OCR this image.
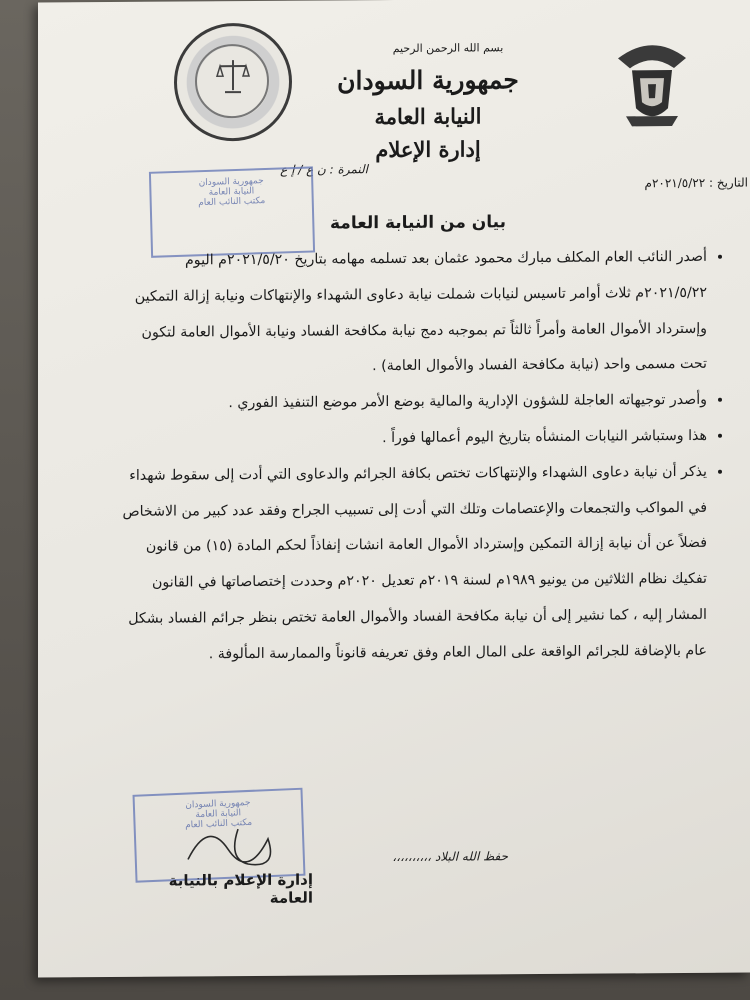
بسم الله الرحمن الرحيم
جمهورية السودان
النيابة العامة
إدارة الإعلام
النمرة : ن ع / إ ع
التاريخ : ٢٠٢١/٥/٢٢م
جمهورية السودان
النيابة العامة
مكتب النائب العام
بيان من النيابة العامة
• أصدر النائب العام المكلف مبارك محمود عثمان بعد تسلمه مهامه بتاريخ ٢٠٢١/٥/٢٠م اليوم ٢٠٢١/٥/٢٢م ثلاث أوامر تاسيس لنيابات شملت نيابة دعاوى الشهداء والإنتهاكات ونيابة إزالة التمكين وإسترداد الأموال العامة وأمراً ثالثاً تم بموجبه دمج نيابة مكافحة الفساد ونيابة الأموال العامة لتكون تحت مسمى واحد (نيابة مكافحة الفساد والأموال العامة) .
• وأصدر توجيهاته العاجلة للشؤون الإدارية والمالية بوضع الأمر موضع التنفيذ الفوري .
• هذا وستباشر النيابات المنشأه بتاريخ اليوم أعمالها فوراً .
• يذكر أن نيابة دعاوى الشهداء والإنتهاكات تختص بكافة الجرائم والدعاوى التي أدت إلى سقوط شهداء في المواكب والتجمعات والإعتصامات وتلك التي أدت إلى تسبيب الجراح وفقد عدد كبير من الاشخاص فضلاً عن أن نيابة إزالة التمكين وإسترداد الأموال العامة انشات إنفاذاً لحكم المادة (١٥) من قانون تفكيك نظام الثلاثين من يونيو ١٩٨٩م لسنة ٢٠١٩م تعديل ٢٠٢٠م وحددت إختصاصاتها في القانون المشار إليه ، كما نشير إلى أن نيابة مكافحة الفساد والأموال العامة تختص بنظر جرائم الفساد بشكل عام بالإضافة للجرائم الواقعة على المال العام وفق تعريفه قانوناً والممارسة المألوفة .
جمهورية السودان
النيابة العامة
مكتب النائب العام
حفظ الله البلاد ،،،،،،،،،،
إدارة الإعلام بالنيابة العامة
